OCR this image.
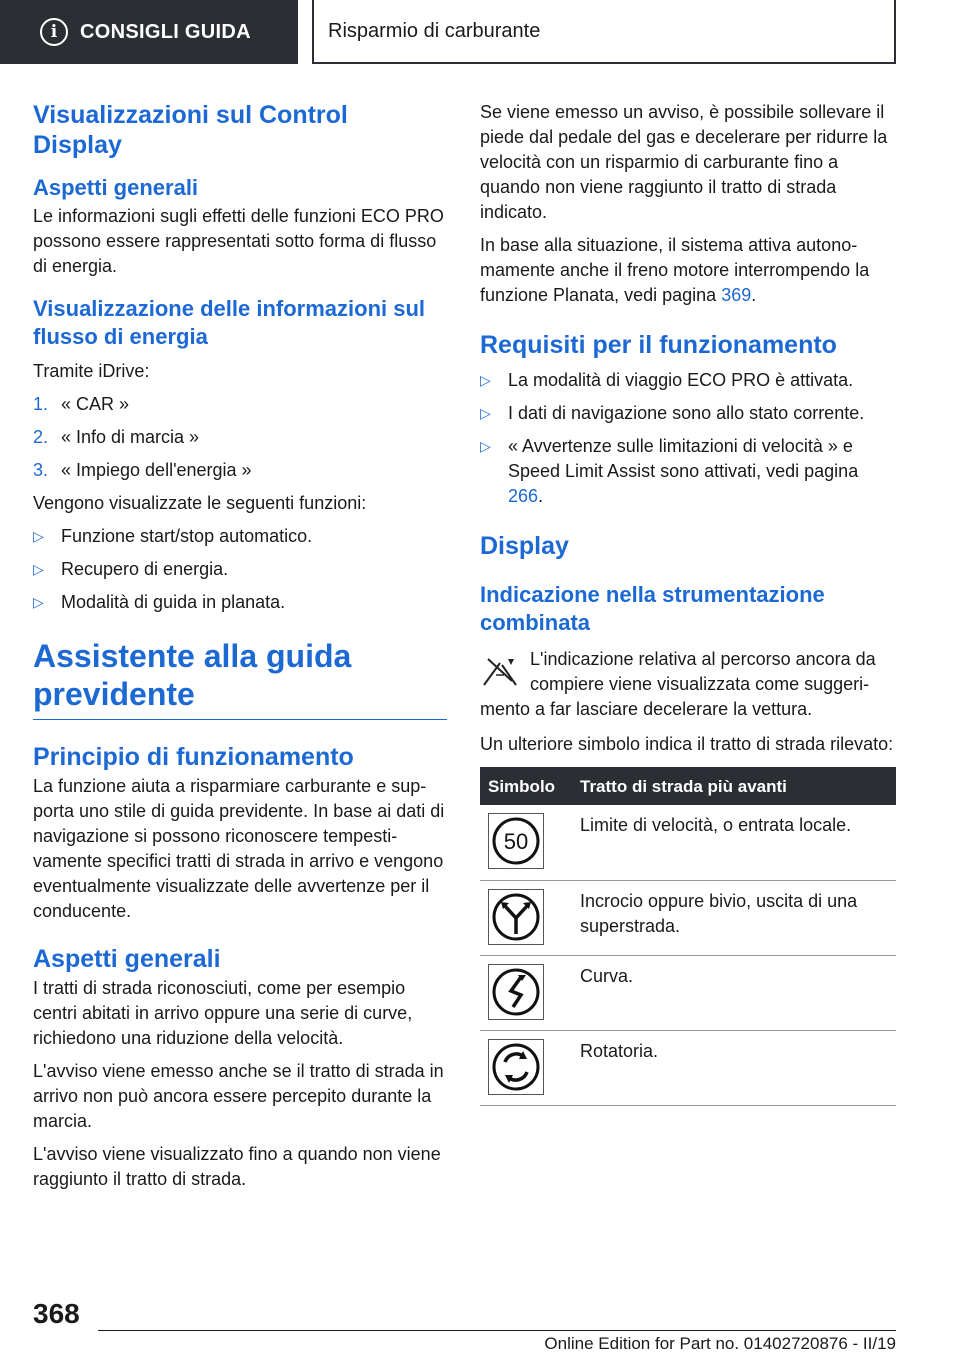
i	CONSIGLI GUIDA	Risparmio di carburante
Visualizzazioni sul Control Display
Aspetti generali

Le informazioni sugli effetti delle funzioni ECO PRO possono essere rappresentati sotto forma di flusso di energia.

Visualizzazione delle informazioni sul flusso di energia

Tramite iDrive:

1. « CAR »
2. « Info di marcia »
3. « Impiego dell'energia »

Vengono visualizzate le seguenti funzioni:

▷ Funzione start/stop automatico.
▷ Recupero di energia.
▷ Modalità di guida in planata.
Assistente alla guida previdente
Principio di funzionamento

La funzione aiuta a risparmiare carburante e supporta uno stile di guida previdente. In base ai dati di navigazione si possono riconoscere tempestivamente specifici tratti di strada in arrivo e vengono eventualmente visualizzate delle avvertenze per il conducente.

Aspetti generali

I tratti di strada riconosciuti, come per esempio centri abitati in arrivo oppure una serie di curve, richiedono una riduzione della velocità.

L'avviso viene emesso anche se il tratto di strada in arrivo non può ancora essere percepito durante la marcia.

L'avviso viene visualizzato fino a quando non viene raggiunto il tratto di strada.

Se viene emesso un avviso, è possibile sollevare il piede dal pedale del gas e decelerare per ridurre la velocità con un risparmio di carburante fino a quando non viene raggiunto il tratto di strada indicato.

In base alla situazione, il sistema attiva autonomamente anche il freno motore interrompendo la funzione Planata, vedi pagina 369.

Requisiti per il funzionamento
▷ La modalità di viaggio ECO PRO è attivata.
▷ I dati di navigazione sono allo stato corrente.
▷ « Avvertenze sulle limitazioni di velocità » e Speed Limit Assist sono attivati, vedi pagina 266.
Display
Indicazione nella strumentazione combinata

L'indicazione relativa al percorso ancora da compiere viene visualizzata come suggerimento a far lasciare decelerare la vettura.

Un ulteriore simbolo indica il tratto di strada rilevato:

Simbolo	Tratto di strada più avanti

50	Limite di velocità, o entrata locale.

	Incrocio oppure bivio, uscita di una superstrada.

	Curva.

	Rotatoria.
368
Online Edition for Part no. 01402720876 - II/19
